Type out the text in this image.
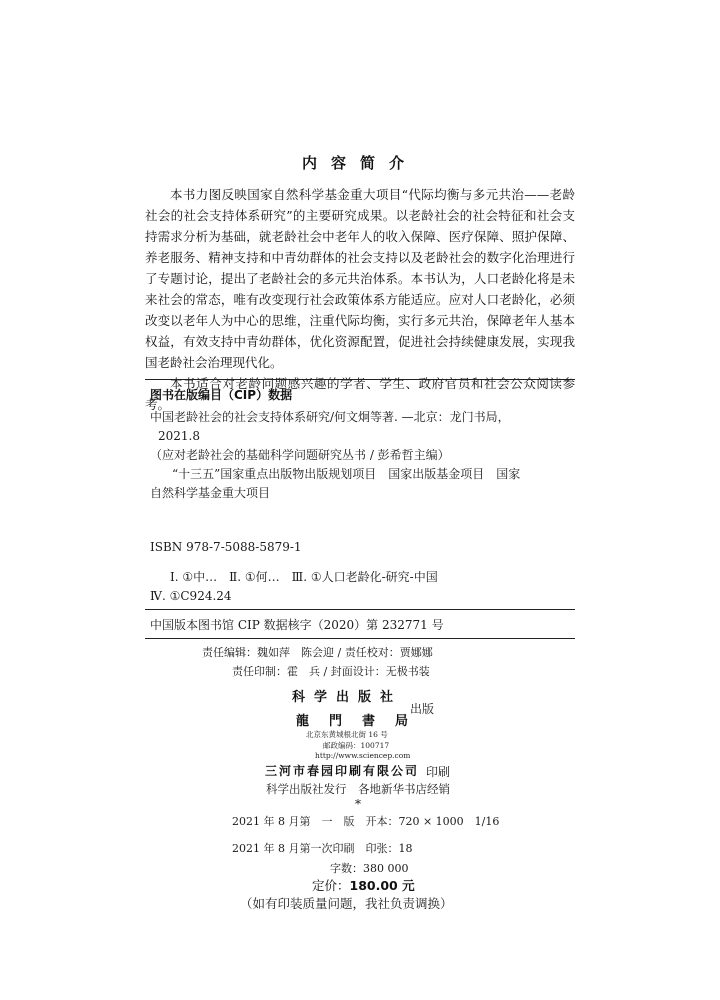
内容简介

本书力图反映国家自然科学基金重大项目“代际均衡与多元共治——老龄社会的社会支持体系研究”的主要研究成果。以老龄社会的社会特征和社会支持需求分析为基础，就老龄社会中老年人的收入保障、医疗保障、照护保障、养老服务、精神支持和中青幼群体的社会支持以及老龄社会的数字化治理进行了专题讨论，提出了老龄社会的多元共治体系。本书认为，人口老龄化将是未来社会的常态，唯有改变现行社会政策体系方能适应。应对人口老龄化，必须改变以老年人为中心的思维，注重代际均衡，实行多元共治，保障老年人基本权益，有效支持中青幼群体，优化资源配置，促进社会持续健康发展，实现我国老龄社会治理现代化。

本书适合对老龄问题感兴趣的学者、学生、政府官员和社会公众阅读参考。

图书在版编目（CIP）数据
中国老龄社会的社会支持体系研究/何文炯等著. —北京：龙门书局，
2021.8
（应对老龄社会的基础科学问题研究丛书 / 彭希哲主编）
“十三五”国家重点出版物出版规划项目　国家出版基金项目　国家
自然科学基金重大项目
ISBN 978-7-5088-5879-1
Ⅰ. ①中…　Ⅱ. ①何…　Ⅲ. ①人口老龄化-研究-中国
Ⅳ. ①C924.24
中国版本图书馆 CIP 数据核字（2020）第 232771 号
责任编辑：魏如萍　陈会迎 / 责任校对：贾娜娜
责任印制：霍　兵 / 封面设计：无极书装
科学出版社
龍門書局
出版
北京东黄城根北街 16 号
邮政编码：100717
http://www.sciencep.com
三河市春园印刷有限公司 印刷
科学出版社发行　各地新华书店经销
*
2021 年 8 月第　一　版　开本：720 × 1000　1/16
2021 年 8 月第一次印刷　印张：18
字数：380 000
定价：180.00 元
（如有印装质量问题，我社负责调换）
